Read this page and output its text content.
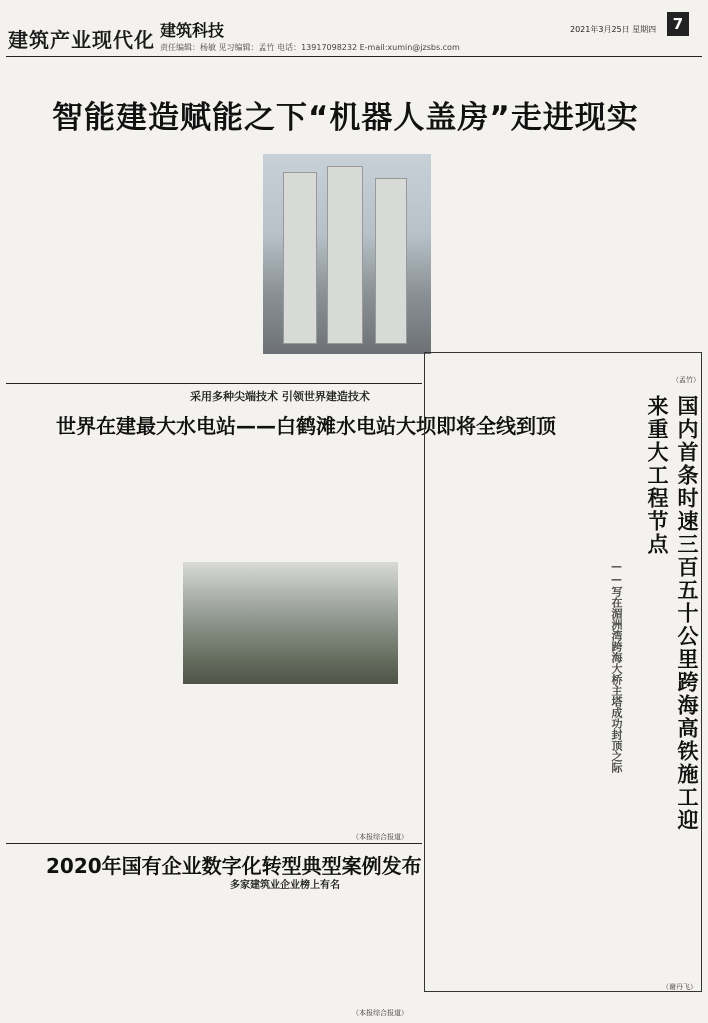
建筑产业现代化 建筑科技
责任编辑：杨敏 见习编辑：孟竹 电话：13917098232 E-mail:xumin@jzsbs.com
2021年3月25日 星期四	7
智能建造赋能之下“机器人盖房”走进现实
（孟竹）
采用多种尖端技术 引领世界建造技术
世界在建最大水电站——白鹤滩水电站大坝即将全线到顶
（本报综合报道）
国内首条时速三百五十公里跨海高铁施工迎来重大工程节点
——写在湄洲湾跨海大桥主塔成功封顶之际
（谢丹飞）
2020年国有企业数字化转型典型案例发布
多家建筑业企业榜上有名
（本报综合报道）
